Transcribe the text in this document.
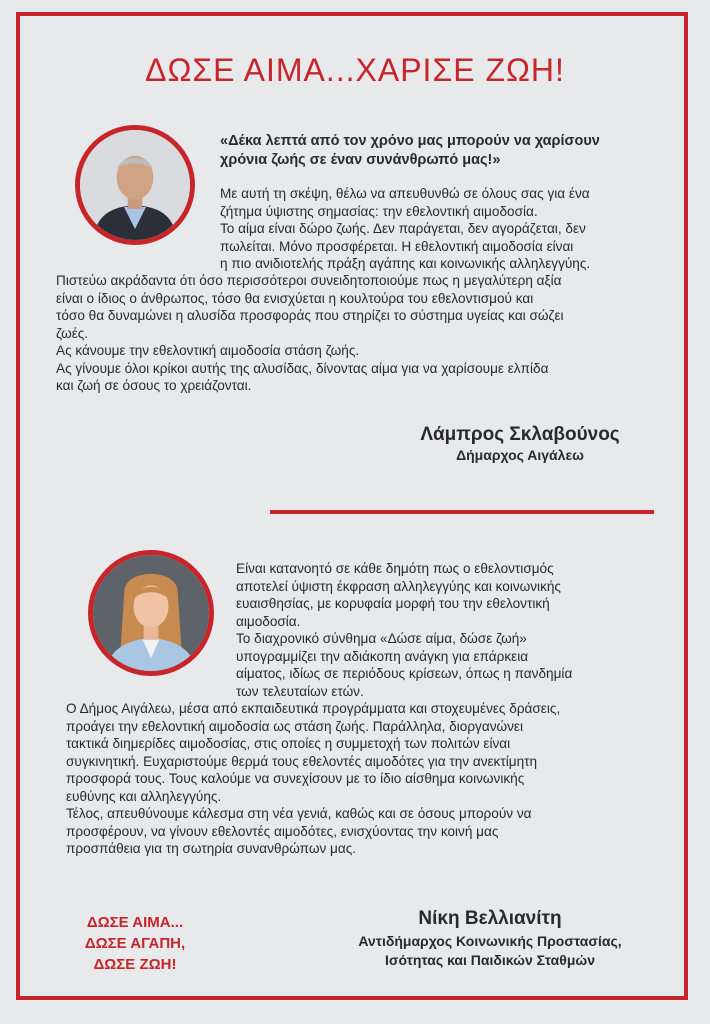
ΔΩΣΕ ΑΙΜΑ...ΧΑΡΙΣΕ ΖΩΗ!

«Δέκα λεπτά από τον χρόνο μας μπορούν να χαρίσουν
χρόνια ζωής σε έναν συνάνθρωπό μας!»

Με αυτή τη σκέψη, θέλω να απευθυνθώ σε όλους σας για ένα
ζήτημα ύψιστης σημασίας: την εθελοντική αιμοδοσία.
Το αίμα είναι δώρο ζωής. Δεν παράγεται, δεν αγοράζεται, δεν
πωλείται. Μόνο προσφέρεται. Η εθελοντική αιμοδοσία είναι
η πιο ανιδιοτελής πράξη αγάπης και κοινωνικής αλληλεγγύης.
Πιστεύω ακράδαντα ότι όσο περισσότεροι συνειδητοποιούμε πως η μεγαλύτερη αξία
είναι ο ίδιος ο άνθρωπος, τόσο θα ενισχύεται η κουλτούρα του εθελοντισμού και
τόσο θα δυναμώνει η αλυσίδα προσφοράς που στηρίζει το σύστημα υγείας και σώζει
ζωές.
Ας κάνουμε την εθελοντική αιμοδοσία στάση ζωής.
Ας γίνουμε όλοι κρίκοι αυτής της αλυσίδας, δίνοντας αίμα για να χαρίσουμε ελπίδα
και ζωή σε όσους το χρειάζονται.
Λάμπρος Σκλαβούνος
Δήμαρχος Αιγάλεω
Είναι κατανοητό σε κάθε δημότη πως ο εθελοντισμός
αποτελεί ύψιστη έκφραση αλληλεγγύης και κοινωνικής
ευαισθησίας, με κορυφαία μορφή του την εθελοντική
αιμοδοσία.
Το διαχρονικό σύνθημα «Δώσε αίμα, δώσε ζωή»
υπογραμμίζει την αδιάκοπη ανάγκη για επάρκεια
αίματος, ιδίως σε περιόδους κρίσεων, όπως η πανδημία
των τελευταίων ετών.
Ο Δήμος Αιγάλεω, μέσα από εκπαιδευτικά προγράμματα και στοχευμένες δράσεις,
προάγει την εθελοντική αιμοδοσία ως στάση ζωής. Παράλληλα, διοργανώνει
τακτικά διημερίδες αιμοδοσίας, στις οποίες η συμμετοχή των πολιτών είναι
συγκινητική. Ευχαριστούμε θερμά τους εθελοντές αιμοδότες για την ανεκτίμητη
προσφορά τους. Τους καλούμε να συνεχίσουν με το ίδιο αίσθημα κοινωνικής
ευθύνης και αλληλεγγύης.
Τέλος, απευθύνουμε κάλεσμα στη νέα γενιά, καθώς και σε όσους μπορούν να
προσφέρουν, να γίνουν εθελοντές αιμοδότες, ενισχύοντας την κοινή μας
προσπάθεια για τη σωτηρία συνανθρώπων μας.
ΔΩΣΕ ΑΙΜΑ...
ΔΩΣΕ ΑΓΑΠΗ,
ΔΩΣΕ ΖΩΗ!
Νίκη Βελλιανίτη
Αντιδήμαρχος Κοινωνικής Προστασίας,
Ισότητας και Παιδικών Σταθμών
